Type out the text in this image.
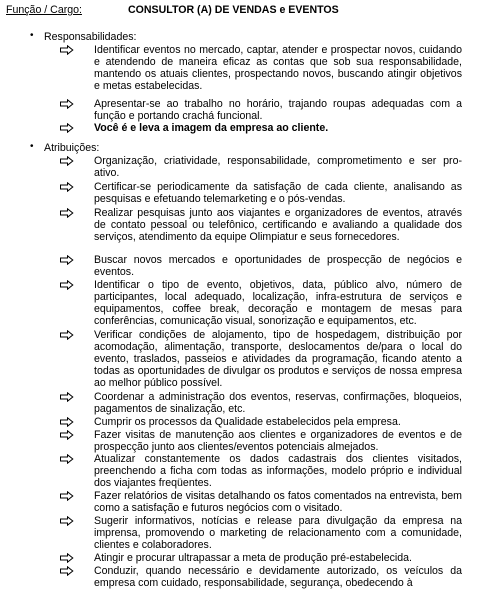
Função / Cargo:	CONSULTOR (A) DE VENDAS e EVENTOS
• Responsabilidades:

Identificar eventos no mercado, captar, atender e prospectar novos, cuidando e atendendo de maneira eficaz as contas que sob sua responsabilidade, mantendo os atuais clientes, prospectando novos, buscando atingir objetivos e metas estabelecidas.

Apresentar-se ao trabalho no horário, trajando roupas adequadas com a função e portando crachá funcional.

Você é e leva a imagem da empresa ao cliente.

• Atribuições:

Organização, criatividade, responsabilidade, comprometimento e ser pro-ativo.

Certificar-se periodicamente da satisfação de cada cliente, analisando as pesquisas e efetuando telemarketing e o pós-vendas.

Realizar pesquisas junto aos viajantes e organizadores de eventos, através de contato pessoal ou telefônico, certificando e avaliando a qualidade dos serviços, atendimento da equipe Olimpiatur e seus fornecedores.

Buscar novos mercados e oportunidades de prospecção de negócios e eventos.

Identificar o tipo de evento, objetivos, data, público alvo, número de participantes, local adequado, localização, infra-estrutura de serviços e equipamentos, coffee break, decoração e montagem de mesas para conferências, comunicação visual, sonorização e equipamentos, etc.

Verificar condições de alojamento, tipo de hospedagem, distribuição por acomodação, alimentação, transporte, deslocamentos de/para o local do evento, traslados, passeios e atividades da programação, ficando atento a todas as oportunidades de divulgar os produtos e serviços de nossa empresa ao melhor público possível.

Coordenar a administração dos eventos, reservas, confirmações, bloqueios, pagamentos de sinalização, etc.

Cumprir os processos da Qualidade estabelecidos pela empresa.

Fazer visitas de manutenção aos clientes e organizadores de eventos e de prospecção junto aos clientes/eventos potenciais almejados.

Atualizar constantemente os dados cadastrais dos clientes visitados, preenchendo a ficha com todas as informações, modelo próprio e individual dos viajantes freqüentes.

Fazer relatórios de visitas detalhando os fatos comentados na entrevista, bem como a satisfação e futuros negócios com o visitado.

Sugerir informativos, notícias e release para divulgação da empresa na imprensa, promovendo o marketing de relacionamento com a comunidade, clientes e colaboradores.

Atingir e procurar ultrapassar a meta de produção pré-estabelecida.

Conduzir, quando necessário e devidamente autorizado, os veículos da empresa com cuidado, responsabilidade, segurança, obedecendo à
